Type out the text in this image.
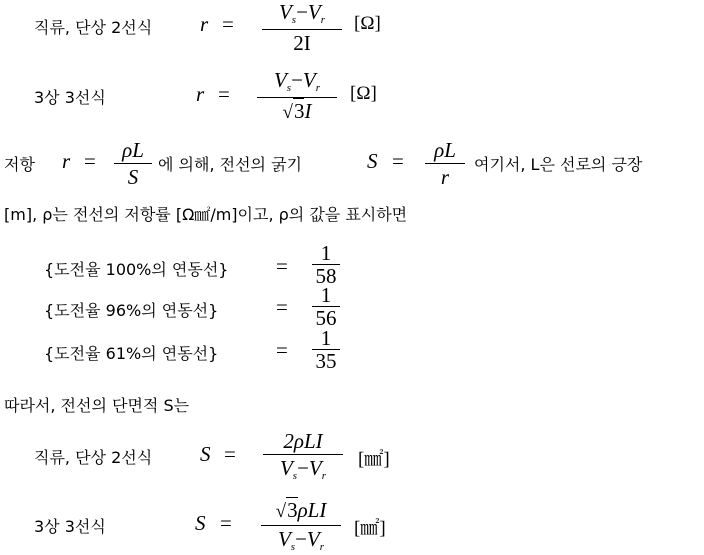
직류, 단상 2선식 r =	Vs−Vr
2I
[Ω]
3상 3선식	r =
Vs−Vr
√3I
[Ω]
저항 r =	ρL
S
에 의해, 전선의 굵기	S =	ρL
r
여기서, L은 선로의 긍장
[m], ρ는 전선의 저항률 [Ω㎟/m]이고, ρ의 값을 표시하면
{도전율 100%의 연동선} =
1
58
{도전율 96%의 연동선}	=	1
56
{도전율 61%의 연동선}	=	1
35
따라서, 전선의 단면적 S는
직류, 단상 2선식 S =
2ρLI
Vs−Vr
[㎟]
3상 3선식	S =	√3ρLI
Vs−Vr
[㎟]
